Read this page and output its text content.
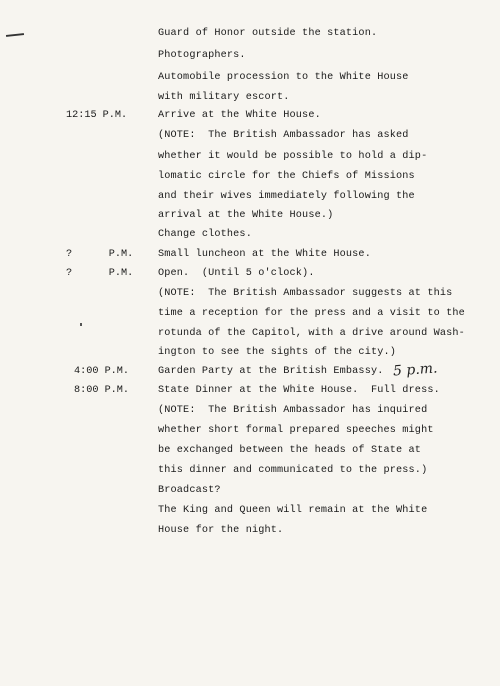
Guard of Honor outside the station.
Photographers.
Automobile procession to the White House
with military escort.
12:15 P.M.	Arrive at the White House.
(NOTE:  The British Ambassador has asked
whether it would be possible to hold a dip-
lomatic circle for the Chiefs of Missions
and their wives immediately following the
arrival at the White House.)
Change clothes.
?      P.M. Small luncheon at the White House.
?      P.M. Open.  (Until 5 o'clock).
(NOTE:  The British Ambassador suggests at this
time a reception for the press and a visit to the
rotunda of the Capitol, with a drive around Wash-
ington to see the sights of the city.)
4:00 P.M.	Garden Party at the British Embassy. 5 p.m.
8:00 P.M.	State Dinner at the White House.  Full dress.
(NOTE:  The British Ambassador has inquired
whether short formal prepared speeches might
be exchanged between the heads of State at
this dinner and communicated to the press.)
Broadcast?
The King and Queen will remain at the White
House for the night.
